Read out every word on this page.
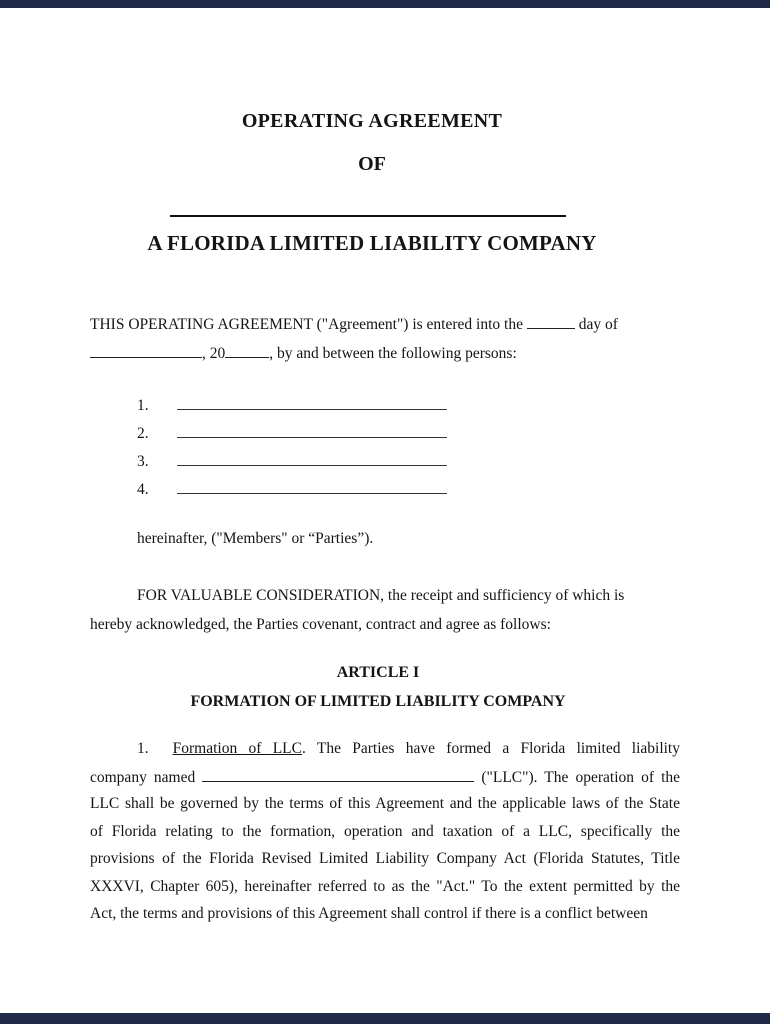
OPERATING AGREEMENT
OF
A FLORIDA LIMITED LIABILITY COMPANY
THIS OPERATING AGREEMENT ("Agreement") is entered into the	day of
, 20	, by and between the following persons:
1.
2.
3.
4.
hereinafter, ("Members" or “Parties”).
FOR VALUABLE CONSIDERATION, the receipt and sufficiency of which is
hereby acknowledged, the Parties covenant, contract and agree as follows:
ARTICLE I
FORMATION OF LIMITED LIABILITY COMPANY
1. Formation of LLC. The Parties have formed a Florida limited liability
company named	("LLC"). The operation of the
LLC shall be governed by the terms of this Agreement and the applicable laws of the State
of Florida relating to the formation, operation and taxation of a LLC, specifically the
provisions of the Florida Revised Limited Liability Company Act (Florida Statutes, Title
XXXVI, Chapter 605), hereinafter referred to as the "Act." To the extent permitted by the
Act, the terms and provisions of this Agreement shall control if there is a conflict between
